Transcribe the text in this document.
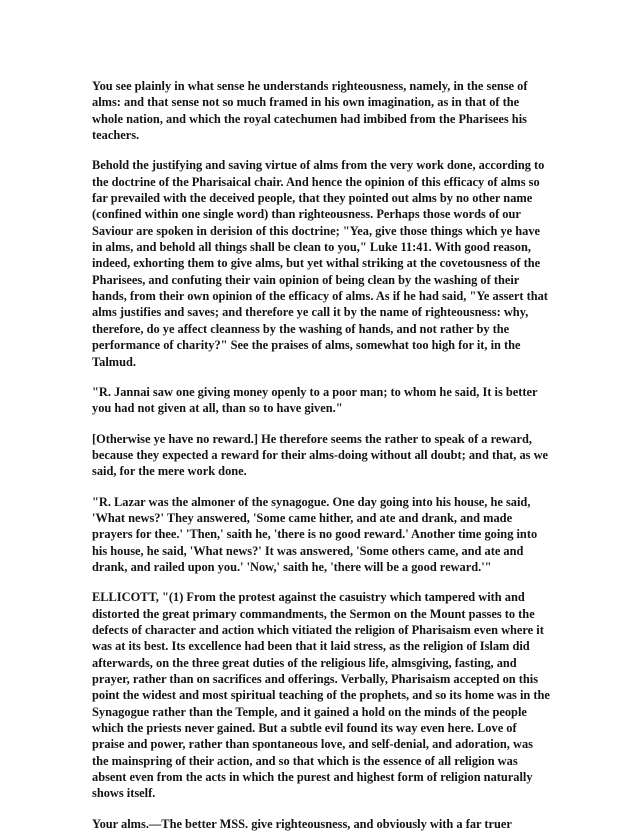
You see plainly in what sense he understands righteousness, namely, in the sense of alms: and that sense not so much framed in his own imagination, as in that of the whole nation, and which the royal catechumen had imbibed from the Pharisees his teachers.

Behold the justifying and saving virtue of alms from the very work done, according to the doctrine of the Pharisaical chair. And hence the opinion of this efficacy of alms so far prevailed with the deceived people, that they pointed out alms by no other name (confined within one single word) than righteousness. Perhaps those words of our Saviour are spoken in derision of this doctrine; "Yea, give those things which ye have in alms, and behold all things shall be clean to you," Luke 11:41. With good reason, indeed, exhorting them to give alms, but yet withal striking at the covetousness of the Pharisees, and confuting their vain opinion of being clean by the washing of their hands, from their own opinion of the efficacy of alms. As if he had said, "Ye assert that alms justifies and saves; and therefore ye call it by the name of righteousness: why, therefore, do ye affect cleanness by the washing of hands, and not rather by the performance of charity?" See the praises of alms, somewhat too high for it, in the Talmud.

"R. Jannai saw one giving money openly to a poor man; to whom he said, It is better you had not given at all, than so to have given."

[Otherwise ye have no reward.] He therefore seems the rather to speak of a reward, because they expected a reward for their alms-doing without all doubt; and that, as we said, for the mere work done.

"R. Lazar was the almoner of the synagogue. One day going into his house, he said, 'What news?' They answered, 'Some came hither, and ate and drank, and made prayers for thee.' 'Then,' saith he, 'there is no good reward.' Another time going into his house, he said, 'What news?' It was answered, 'Some others came, and ate and drank, and railed upon you.' 'Now,' saith he, 'there will be a good reward.'"

ELLICOTT, "(1) From the protest against the casuistry which tampered with and distorted the great primary commandments, the Sermon on the Mount passes to the defects of character and action which vitiated the religion of Pharisaism even where it was at its best. Its excellence had been that it laid stress, as the religion of Islam did afterwards, on the three great duties of the religious life, almsgiving, fasting, and prayer, rather than on sacrifices and offerings. Verbally, Pharisaism accepted on this point the widest and most spiritual teaching of the prophets, and so its home was in the Synagogue rather than the Temple, and it gained a hold on the minds of the people which the priests never gained. But a subtle evil found its way even here. Love of praise and power, rather than spontaneous love, and self-denial, and adoration, was the mainspring of their action, and so that which is the essence of all religion was absent even from the acts in which the purest and highest form of religion naturally shows itself.

Your alms.—The better MSS. give righteousness, and obviously with a far truer
